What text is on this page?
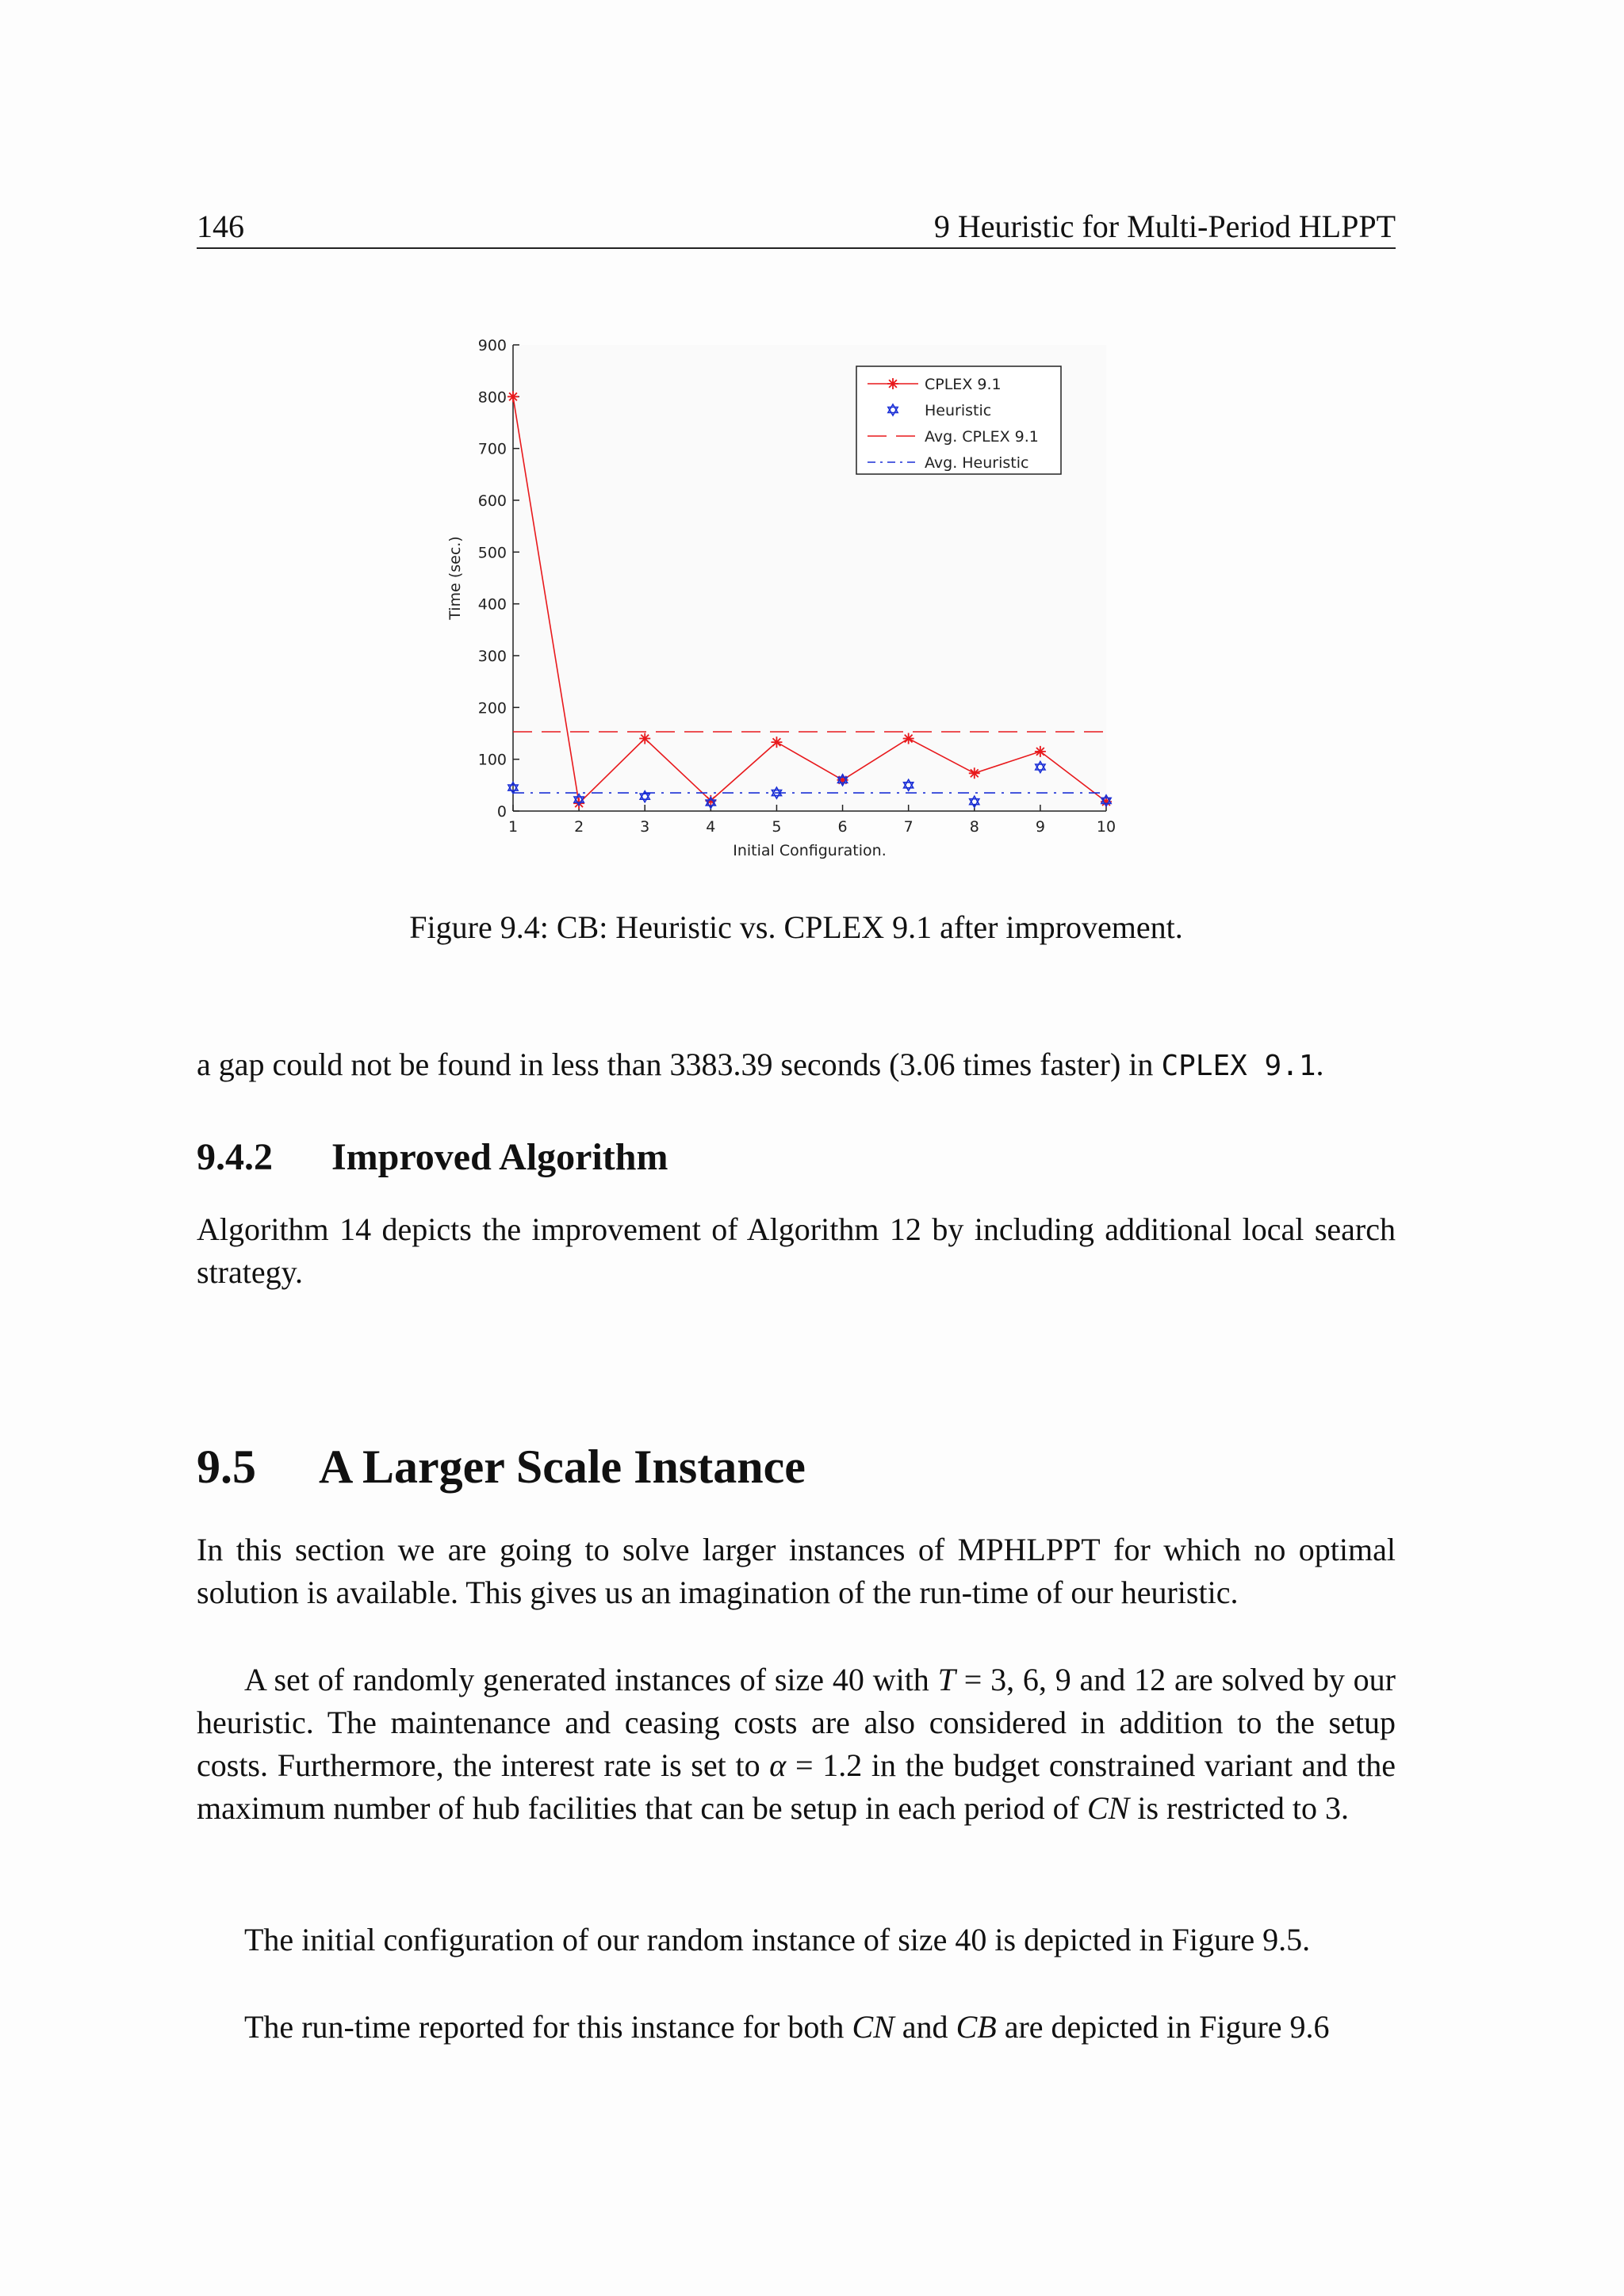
146	9 Heuristic for Multi-Period HLPPT
0
100
200
300
400
500
600
700
800
900
1	2	3	4	5	6	7	8	9	10
Initial Configuration.
Time (sec.)
CPLEX 9.1
Heuristic
Avg. CPLEX 9.1
Avg. Heuristic
Figure 9.4: CB: Heuristic vs. CPLEX 9.1 after improvement.
a gap could not be found in less than 3383.39 seconds (3.06 times faster) in CPLEX 9.1.
9.4.2 Improved Algorithm
Algorithm 14 depicts the improvement of Algorithm 12 by including additional local search strategy.
9.5 A Larger Scale Instance
In this section we are going to solve larger instances of MPHLPPT for which no optimal solution is available. This gives us an imagination of the run-time of our heuristic.
A set of randomly generated instances of size 40 with T = 3, 6, 9 and 12 are solved by our heuristic. The maintenance and ceasing costs are also considered in addition to the setup costs. Furthermore, the interest rate is set to α = 1.2 in the budget constrained variant and the maximum number of hub facilities that can be setup in each period of CN is restricted to 3.
The initial configuration of our random instance of size 40 is depicted in Figure 9.5.
The run-time reported for this instance for both CN and CB are depicted in Figure 9.6
